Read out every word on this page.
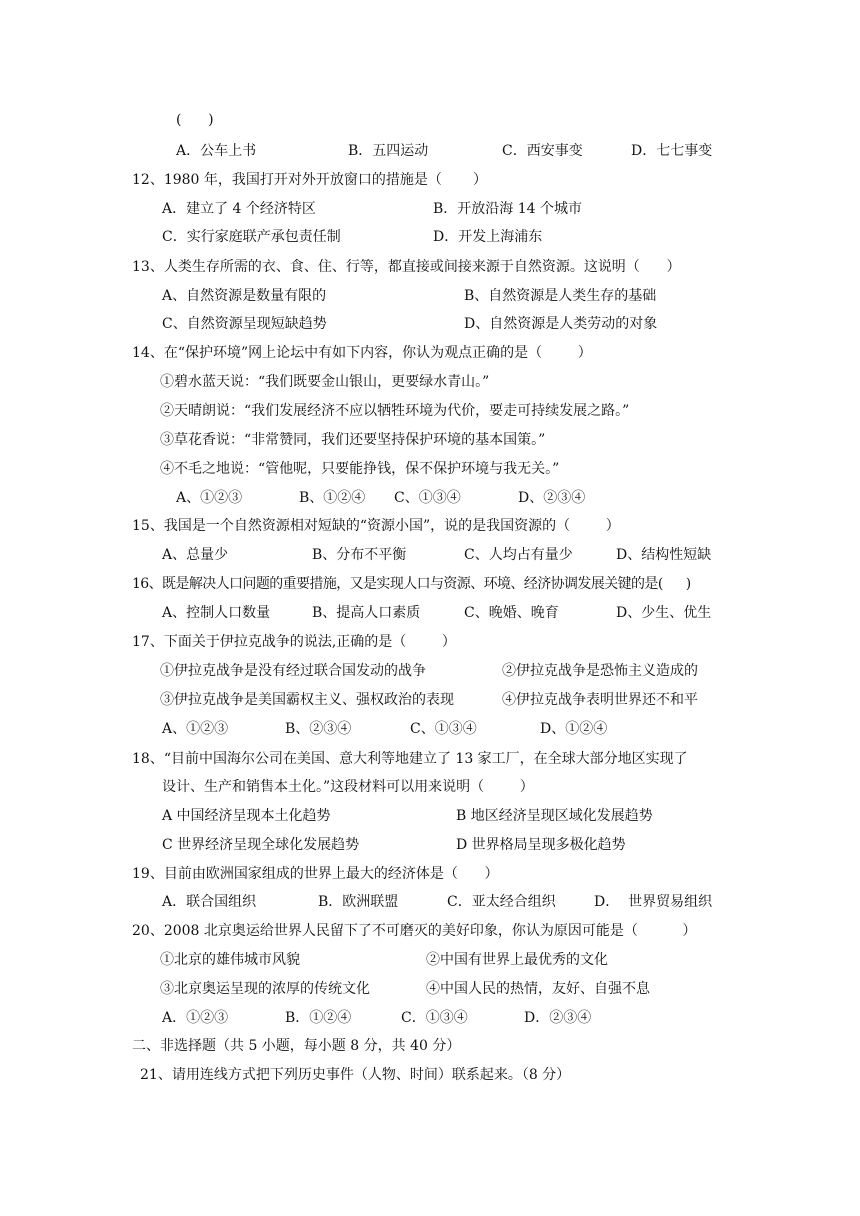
(      )
A．公车上书	B．五四运动	C．西安事变	D．七七事变
12、1980 年，我国打开对外开放窗口的措施是（       ）
A．建立了 4 个经济特区	B．开放沿海 14 个城市
C．实行家庭联产承包责任制	D．开发上海浦东
13、人类生存所需的衣、食、住、行等，都直接或间接来源于自然资源。这说明（      ）
A、自然资源是数量有限的	B、自然资源是人类生存的基础
C、自然资源呈现短缺趋势	D、自然资源是人类劳动的对象
14、在“保护环境”网上论坛中有如下内容，你认为观点正确的是（        ）
①碧水蓝天说：“我们既要金山银山，更要绿水青山。”
②天晴朗说：“我们发展经济不应以牺牲环境为代价，要走可持续发展之路。”
③草花香说：“非常赞同，我们还要坚持保护环境的基本国策。”
④不毛之地说：“管他呢，只要能挣钱，保不保护环境与我无关。”
A、①②③	B、①②④ C、①③④	D、②③④
15、我国是一个自然资源相对短缺的“资源小国”，说的是我国资源的（        ）
A、总量少	B、分布不平衡	C、人均占有量少	D、结构性短缺
16、既是解决人口问题的重要措施，又是实现人口与资源、环境、经济协调发展关键的是(      )
A、控制人口数量	B、提高人口素质	C、晚婚、晚育	D、少生、优生
17、下面关于伊拉克战争的说法,正确的是（        ）
①伊拉克战争是没有经过联合国发动的战争	②伊拉克战争是恐怖主义造成的
③伊拉克战争是美国霸权主义、强权政治的表现	④伊拉克战争表明世界还不和平
A、①②③	B、②③④	C、①③④	D、①②④
18、“目前中国海尔公司在美国、意大利等地建立了 13 家工厂，在全球大部分地区实现了
设计、生产和销售本土化。”这段材料可以用来说明（        ）
A 中国经济呈现本土化趋势	B 地区经济呈现区域化发展趋势
C 世界经济呈现全球化发展趋势	D 世界格局呈现多极化趋势
19、目前由欧洲国家组成的世界上最大的经济体是（      ）
A．联合国组织	B．欧洲联盟	C．亚太经合组织	D．  世界贸易组织
20、2008 北京奥运给世界人民留下了不可磨灭的美好印象，你认为原因可能是（          ）
①北京的雄伟城市风貌	②中国有世界上最优秀的文化
③北京奥运呈现的浓厚的传统文化	④中国人民的热情，友好、自强不息
A．①②③	B．①②④	C．①③④	D．②③④
二、非选择题（共 5 小题，每小题 8 分，共 40 分）
21、请用连线方式把下列历史事件（人物、时间）联系起来。（8 分）
